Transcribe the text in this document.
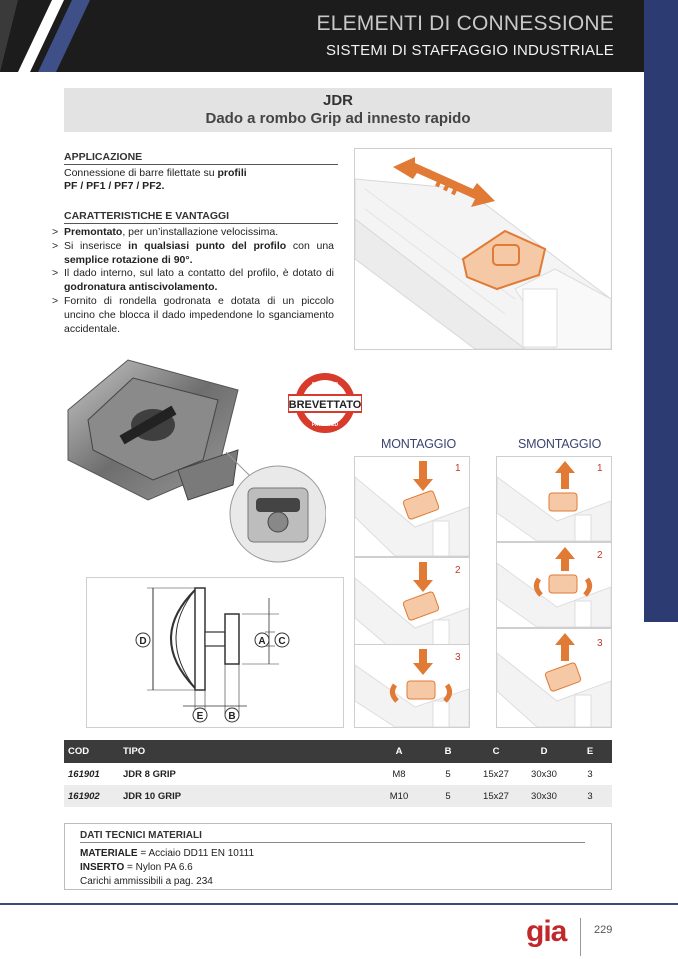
ELEMENTI DI CONNESSIONE
SISTEMI DI STAFFAGGIO INDUSTRIALE
JDR
Dado a rombo Grip ad innesto rapido
APPLICAZIONE
Connessione di barre filettate su profili
PF / PF1 / PF7 / PF2.
CARATTERISTICHE E VANTAGGI
> Premontato, per un’installazione velocissima.
> Si inserisce in qualsiasi punto del profilo con una semplice rotazione di 90°.
> Il dado interno, sul lato a contatto del profilo, è dotato di godronatura antiscivolamento.
> Fornito di rondella godronata e dotata di un piccolo uncino che blocca il dado impedendone lo sganciamento accidentale.
PATENTED
BREVETTATO
PATENTED
MONTAGGIO	SMONTAGGIO
1
2
3
1
2
3
D	A C
E	B
COD	TIPO	A	B	C	D	E
161901	JDR 8 GRIP	M8	5	15x27	30x30	3
161902	JDR 10 GRIP	M10	5	15x27	30x30	3
DATI TECNICI MATERIALI
MATERIALE = Acciaio DD11 EN 10111
INSERTO = Nylon PA 6.6
Carichi ammissibili a pag. 234
gia	229
